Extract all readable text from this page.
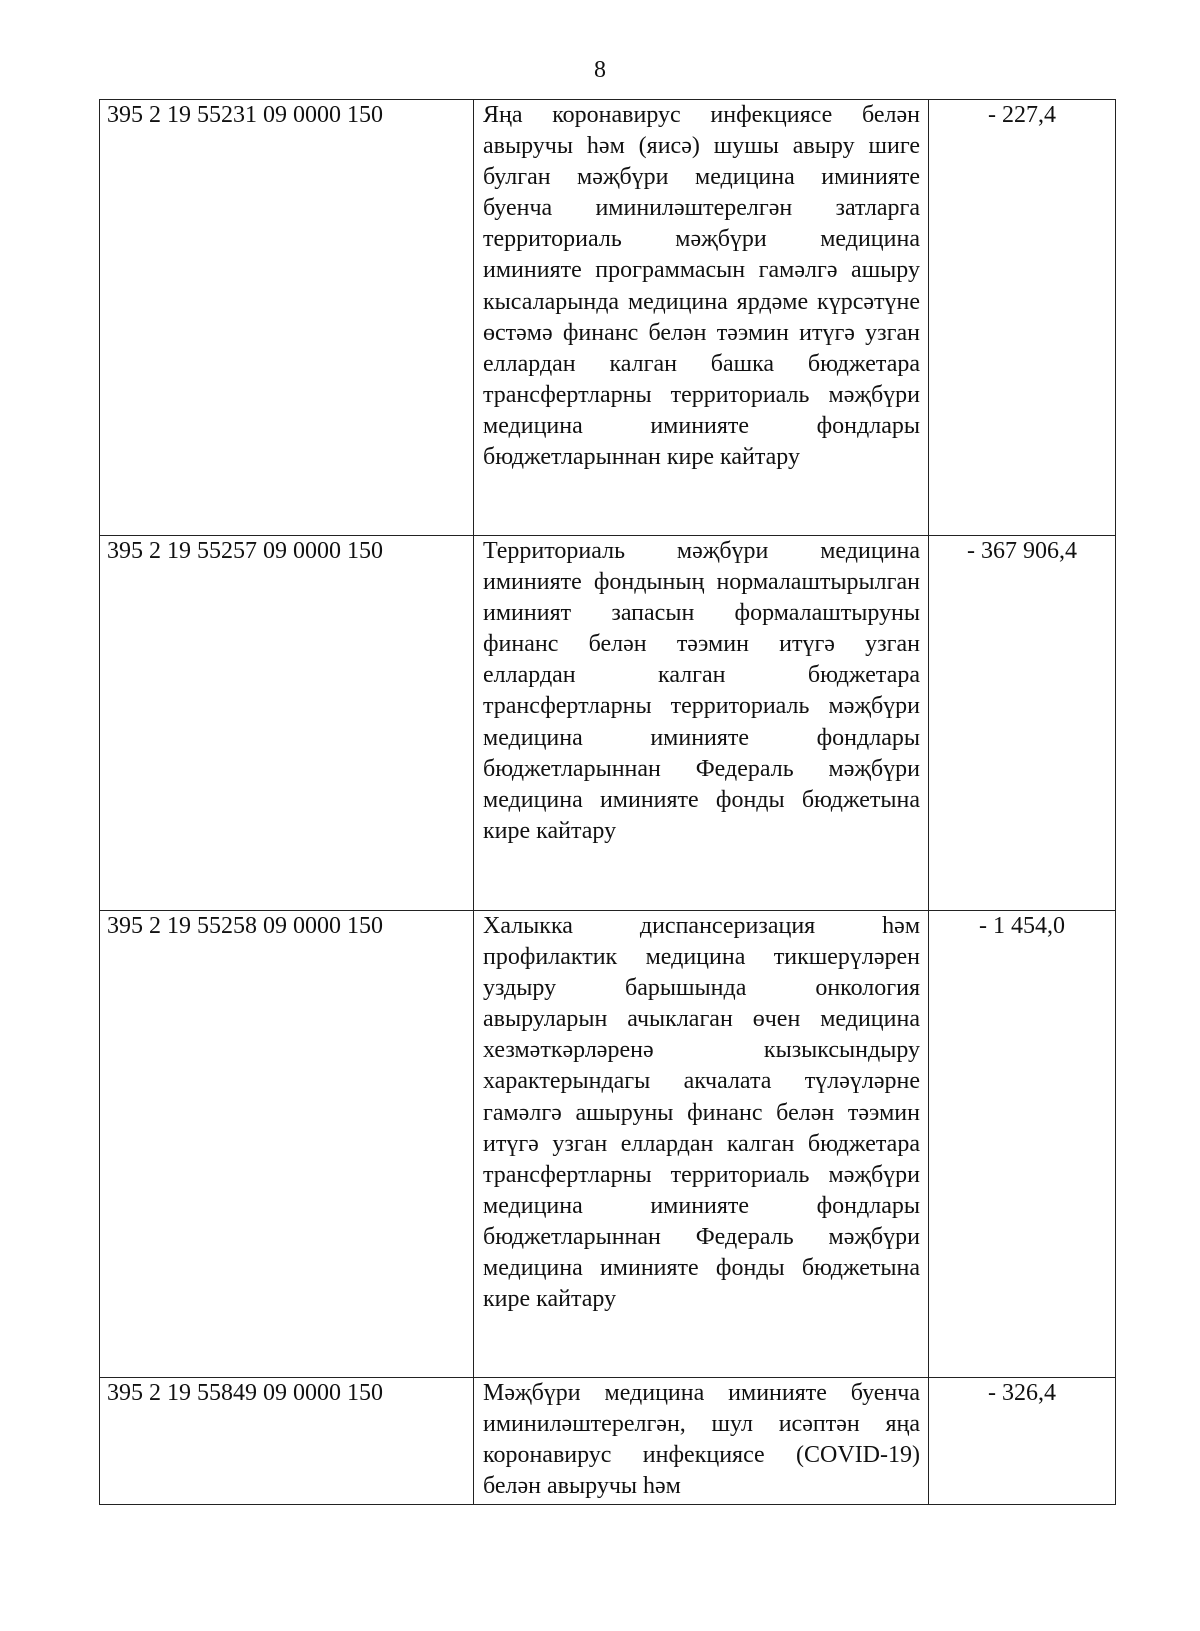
8
395 2 19 55231 09 0000 150	Яңа коронавирус инфекциясе белән авыручы һәм (яисә) шушы авыру шиге булган мәҗбүри медицина иминияте буенча иминиләштерелгән затларга территориаль мәҗбүри медицина иминияте программасын гамәлгә ашыру кысаларында медицина ярдәме күрсәтүне өстәмә финанс белән тәэмин итүгә узган еллардан калган башка бюджетара трансфертларны территориаль мәҗбүри медицина иминияте фондлары бюджетларыннан кире кайтару	- 227,4
395 2 19 55257 09 0000 150	Территориаль мәҗбүри медицина иминияте фондының нормалаштырылган иминият запасын формалаштыруны финанс белән тәэмин итүгә узган еллардан калган бюджетара трансфертларны территориаль мәҗбүри медицина иминияте фондлары бюджетларыннан Федераль мәҗбүри медицина иминияте фонды бюджетына кире кайтару	- 367 906,4
395 2 19 55258 09 0000 150	Халыкка диспансеризация һәм профилактик медицина тикшерүләрен уздыру барышында онкология авыруларын ачыклаган өчен медицина хезмәткәрләренә кызыксындыру характерындагы акчалата түләүләрне гамәлгә ашыруны финанс белән тәэмин итүгә узган еллардан калган бюджетара трансфертларны территориаль мәҗбүри медицина иминияте фондлары бюджетларыннан Федераль мәҗбүри медицина иминияте фонды бюджетына кире кайтару	- 1 454,0
395 2 19 55849 09 0000 150	Мәҗбүри медицина иминияте буенча иминиләштерелгән, шул исәптән яңа коронавирус инфекциясе (COVID-19) белән авыручы һәм	- 326,4
